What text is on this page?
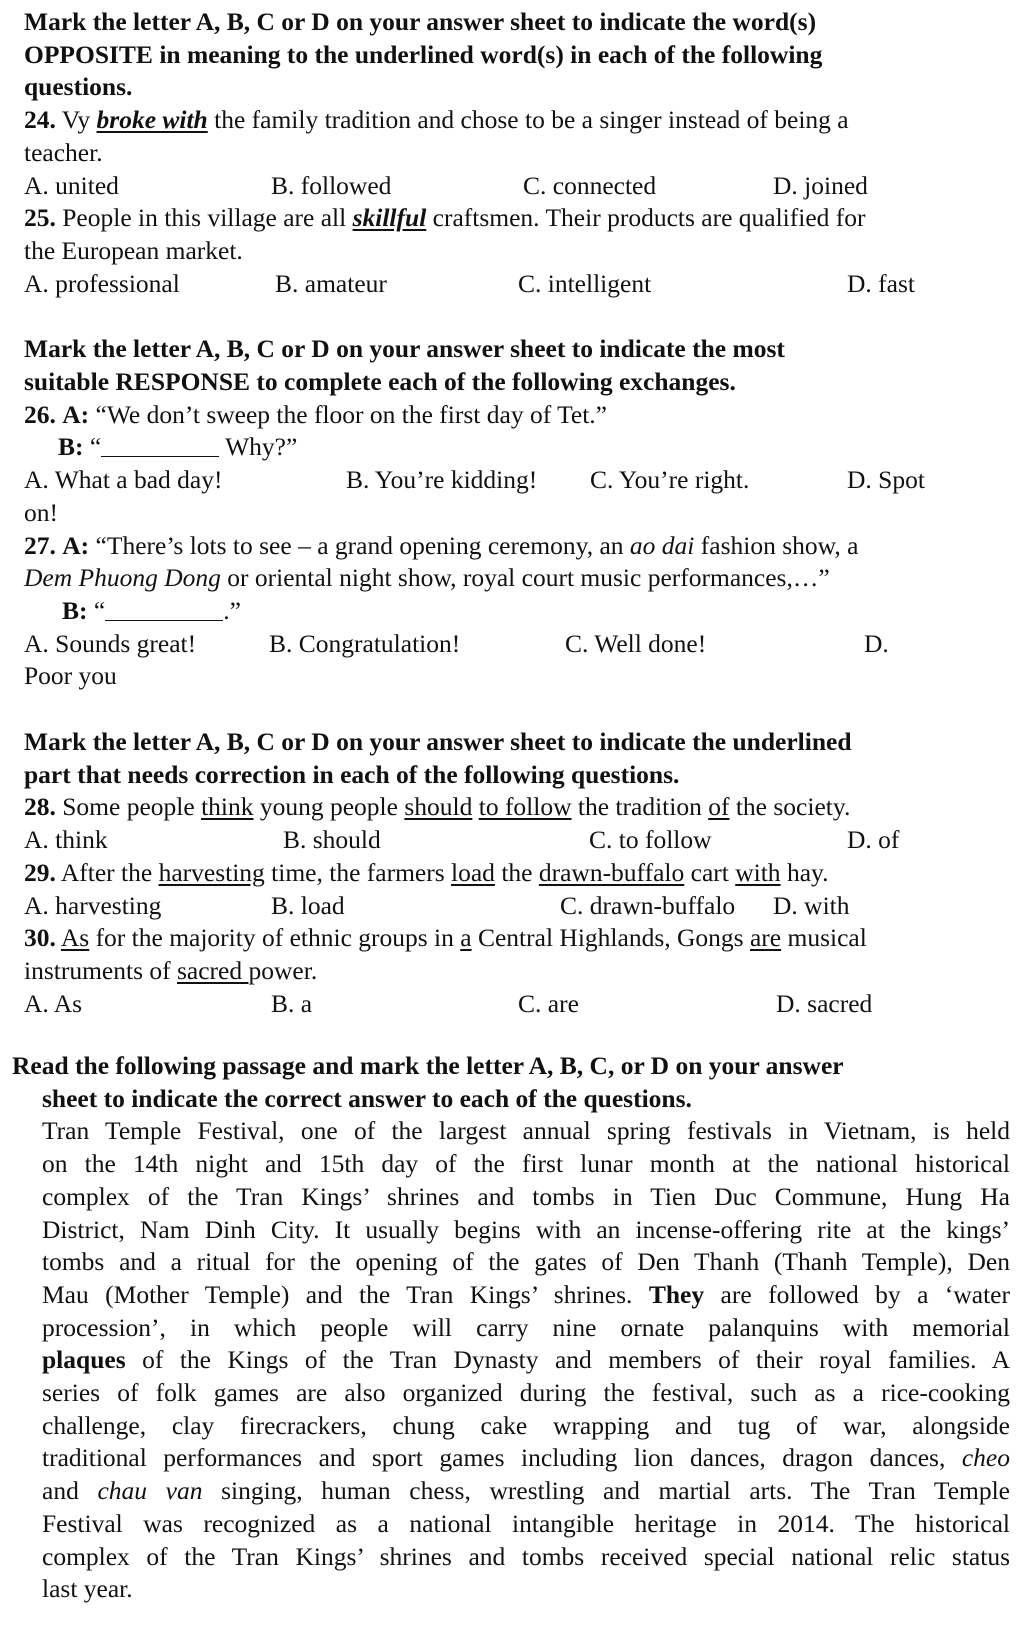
Mark the letter A, B, C or D on your answer sheet to indicate the word(s)
OPPOSITE in meaning to the underlined word(s) in each of the following
questions.
24. Vy broke with the family tradition and chose to be a singer instead of being a
teacher.
A. united	B. followed	C. connected	D. joined
25. People in this village are all skillful craftsmen. Their products are qualified for
the European market.
A. professional	B. amateur	C. intelligent	D. fast
Mark the letter A, B, C or D on your answer sheet to indicate the most
suitable RESPONSE to complete each of the following exchanges.
26. A: “We don’t sweep the floor on the first day of Tet.”
B: “	Why?”
A. What a bad day!	B. You’re kidding! C. You’re right.	D. Spot
on!
27. A: “There’s lots to see – a grand opening ceremony, an ao dai fashion show, a
Dem Phuong Dong or oriental night show, royal court music performances,…”
B: “	.”
A. Sounds great!	B. Congratulation!	C. Well done!	D.
Poor you
Mark the letter A, B, C or D on your answer sheet to indicate the underlined
part that needs correction in each of the following questions.
28. Some people think young people should to follow the tradition of the society.
A. think	B. should	C. to follow	D. of
29. After the harvesting time, the farmers load the drawn-buffalo cart with hay.
A. harvesting	B. load	C. drawn-buffalo D. with
30. As for the majority of ethnic groups in a Central Highlands, Gongs are musical
instruments of sacred power.
A. As	B. a	C. are	D. sacred
Read the following passage and mark the letter A, B, C, or D on your answer
sheet to indicate the correct answer to each of the questions.
Tran Temple Festival, one of the largest annual spring festivals in Vietnam, is held
on the 14th night and 15th day of the first lunar month at the national historical
complex of the Tran Kings’ shrines and tombs in Tien Duc Commune, Hung Ha
District, Nam Dinh City. It usually begins with an incense-offering rite at the kings’
tombs and a ritual for the opening of the gates of Den Thanh (Thanh Temple), Den
Mau (Mother Temple) and the Tran Kings’ shrines. They are followed by a ‘water
procession’, in which people will carry nine ornate palanquins with memorial
plaques of the Kings of the Tran Dynasty and members of their royal families. A
series of folk games are also organized during the festival, such as a rice-cooking
challenge, clay firecrackers, chung cake wrapping and tug of war, alongside
traditional performances and sport games including lion dances, dragon dances, cheo
and chau van singing, human chess, wrestling and martial arts. The Tran Temple
Festival was recognized as a national intangible heritage in 2014. The historical
complex of the Tran Kings’ shrines and tombs received special national relic status
last year.
